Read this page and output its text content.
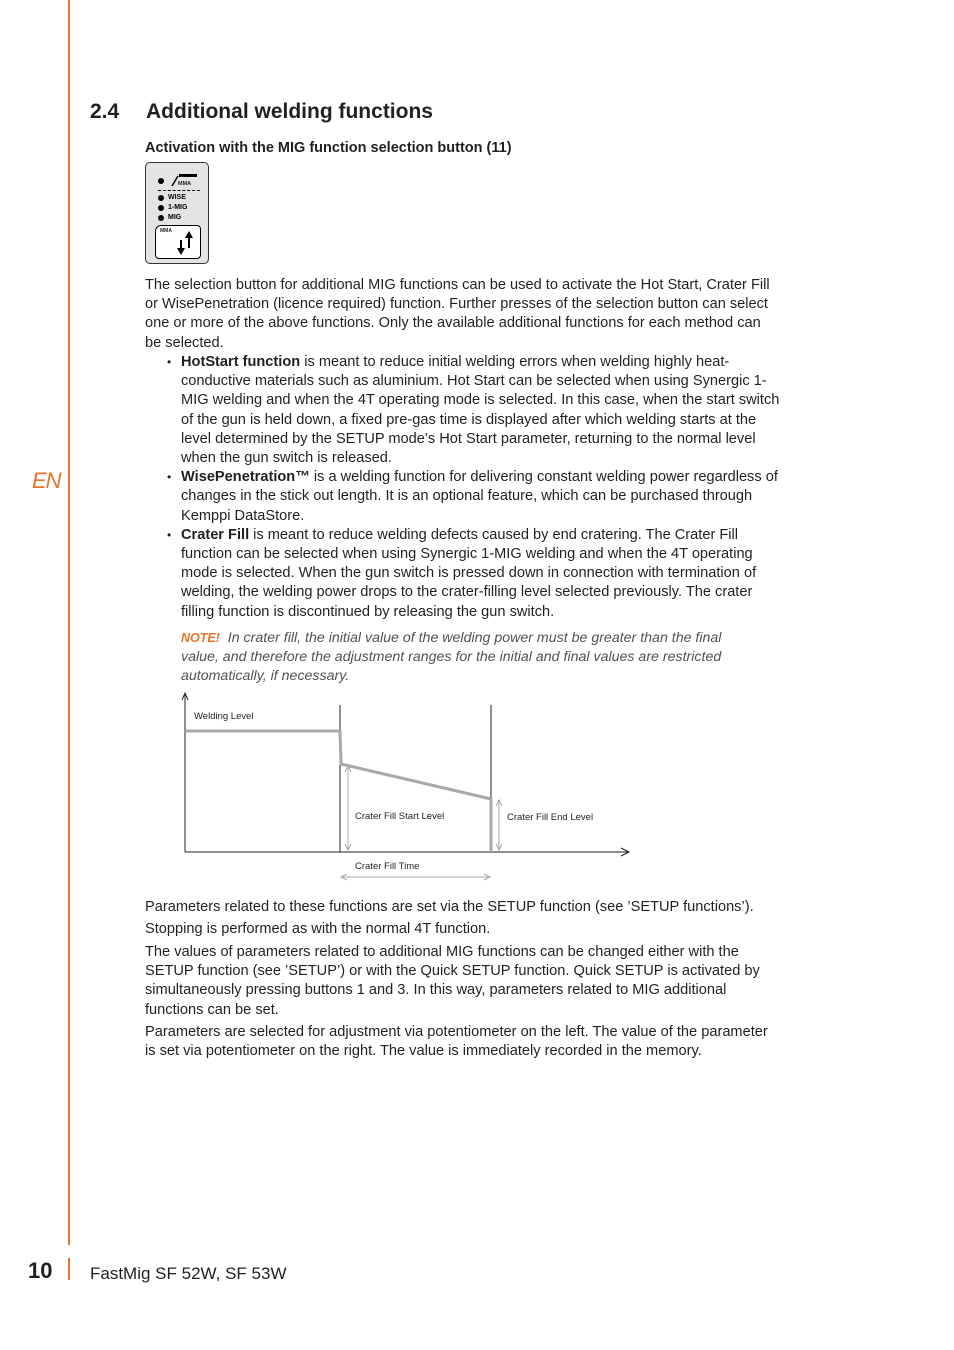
EN
2.4 Additional welding functions
Activation with the MIG function selection button (11)
MMA
WISE
1-MIG
MIG
MMA

The selection button for additional MIG functions can be used to activate the Hot Start, Crater Fill or WisePenetration (licence required) function. Further presses of the selection button can select one or more of the above functions. Only the available additional functions for each method can be selected.

• HotStart function is meant to reduce initial welding errors when welding highly heat-conductive materials such as aluminium. Hot Start can be selected when using Synergic 1-MIG welding and when the 4T operating mode is selected. In this case, when the start switch of the gun is held down, a fixed pre-gas time is displayed after which welding starts at the level determined by the SETUP mode’s Hot Start parameter, returning to the normal level when the gun switch is released.
• WisePenetration™ is a welding function for delivering constant welding power regardless of changes in the stick out length. It is an optional feature, which can be purchased through Kemppi DataStore.
• Crater Fill is meant to reduce welding defects caused by end cratering. The Crater Fill function can be selected when using Synergic 1-MIG welding and when the 4T operating mode is selected. When the gun switch is pressed down in connection with termination of welding, the welding power drops to the crater-filling level selected previously. The crater filling function is discontinued by releasing the gun switch.

NOTE! In crater fill, the initial value of the welding power must be greater than the final value, and therefore the adjustment ranges for the initial and final values are restricted automatically, if necessary.

Welding Level
Crater Fill Start Level	Crater Fill End Level
Crater Fill Time

Parameters related to these functions are set via the SETUP function (see ’SETUP functions’).

Stopping is performed as with the normal 4T function.

The values of parameters related to additional MIG functions can be changed either with the SETUP function (see ’SETUP’) or with the Quick SETUP function. Quick SETUP is activated by simultaneously pressing buttons 1 and 3. In this way, parameters related to MIG additional functions can be set.

Parameters are selected for adjustment via potentiometer on the left. The value of the parameter is set via potentiometer on the right. The value is immediately recorded in the memory.

10 FastMig SF 52W, SF 53W
